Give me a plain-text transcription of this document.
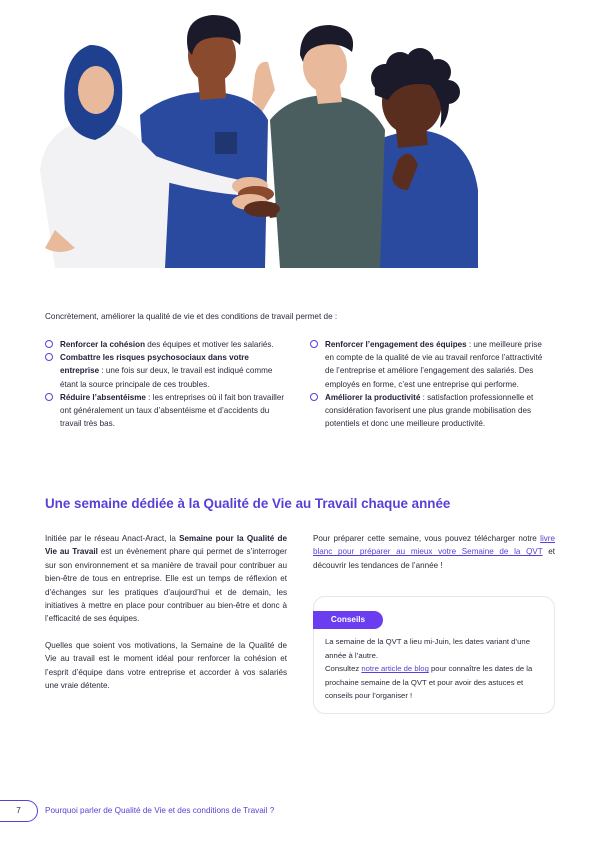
Concrètement, améliorer la qualité de vie et des conditions de travail permet de :
Renforcer la cohésion des équipes et motiver les salariés.
Combattre les risques psychosociaux dans votre entreprise : une fois sur deux, le travail est indiqué comme étant la source principale de ces troubles.
Réduire l’absentéisme : les entreprises où il fait bon travailler ont généralement un taux d’absentéisme et d’accidents du travail très bas.
Renforcer l’engagement des équipes : une meilleure prise en compte de la qualité de vie au travail renforce l’attractivité de l’entreprise et améliore l’engagement des salariés. Des employés en forme, c’est une entreprise qui performe.
Améliorer la productivité : satisfaction professionnelle et considération favorisent une plus grande mobilisation des potentiels et donc une meilleure productivité.
Une semaine dédiée à la Qualité de Vie au Travail chaque année

Initiée par le réseau Anact-Aract, la Semaine pour la Qualité de Vie au Travail est un évènement phare qui permet de s’interroger sur son environnement et sa manière de travail pour contribuer au bien-être de tous en entreprise. Elle est un temps de réflexion et d’échanges sur les pratiques d’aujourd’hui et de demain, les initiatives à mettre en place pour contribuer au bien-être et donc à l’efficacité de ses équipes.

Quelles que soient vos motivations, la Semaine de la Qualité de Vie au travail est le moment idéal pour renforcer la cohésion et l’esprit d’équipe dans votre entreprise et accorder à vos salariés une vraie détente.

Pour préparer cette semaine, vous pouvez télécharger notre livre blanc pour préparer au mieux votre Semaine de la QVT et découvrir les tendances de l’année !
Conseils
La semaine de la QVT a lieu mi-Juin, les dates variant d’une année à l’autre.
Consultez notre article de blog pour connaître les dates de la prochaine semaine de la QVT et pour avoir des astuces et conseils pour l’organiser !
7	Pourquoi parler de Qualité de Vie et des conditions de Travail ?
